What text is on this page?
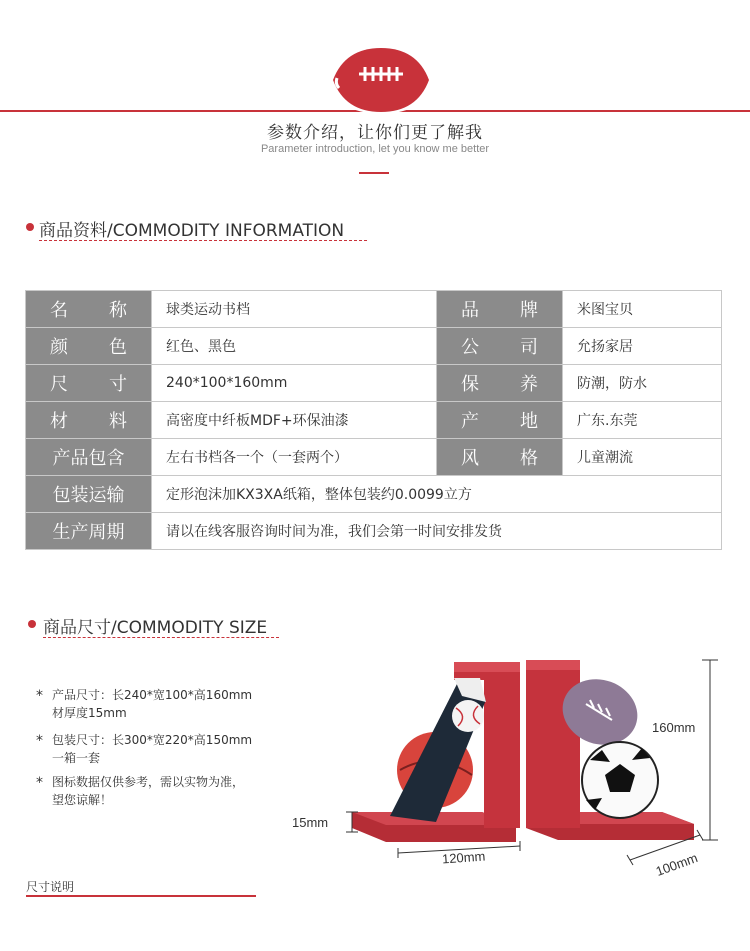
参数介绍，让你们更了解我
Parameter introduction, let you know me better
商品资料/COMMODITY INFORMATION
名 称	球类运动书档	品 牌	米图宝贝

颜 色	红色、黑色	公 司	允扬家居

尺 寸	240*100*160mm	保 养	防潮，防水

材 料	高密度中纤板MDF+环保油漆	产 地	广东.东莞
产品包含	左右书档各一个（一套两个）	风 格	儿童潮流
包装运输	定形泡沫加KX3XA纸箱，整体包装约0.0099立方		
生产周期	请以在线客服咨询时间为准，我们会第一时间安排发货		
商品尺寸/COMMODITY SIZE
* 产品尺寸：长240*宽100*高160mm
材厚度15mm
* 包装尺寸：长300*宽220*高150mm
一箱一套
* 图标数据仅供参考，需以实物为准，
望您谅解！
160mm
15mm
120mm	100mm
尺寸说明
